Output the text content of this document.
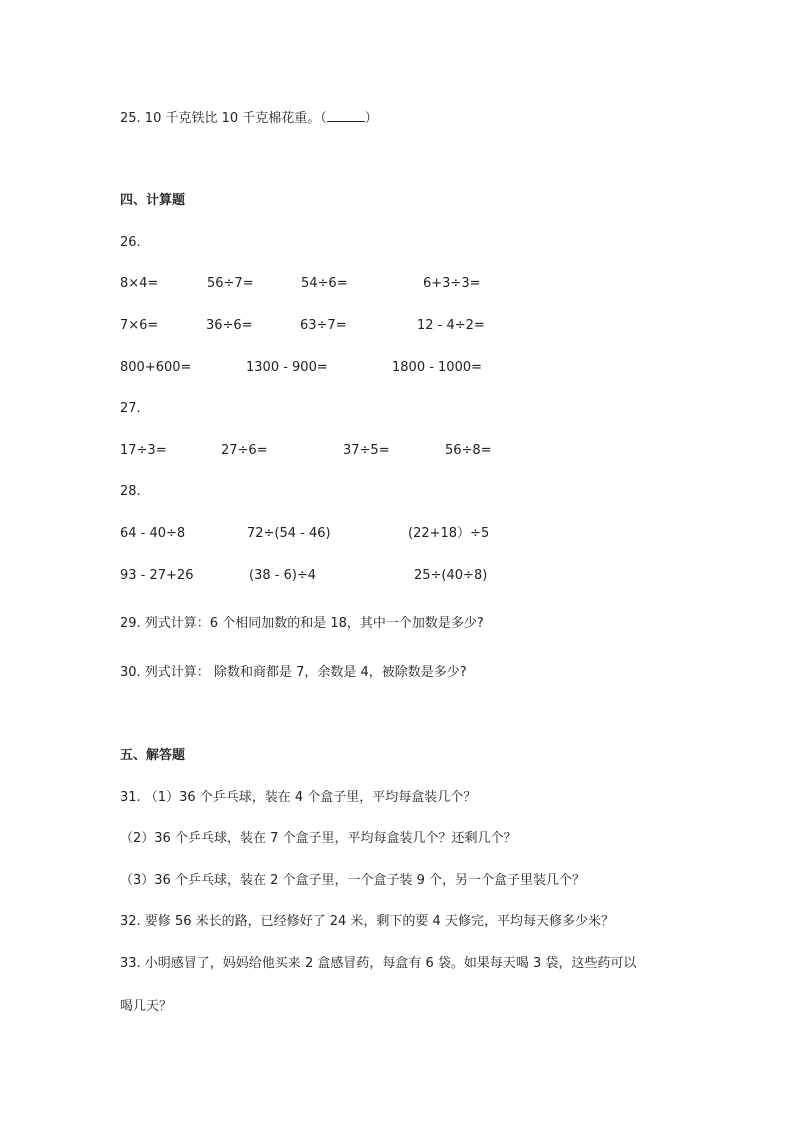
25. 10 千克铁比 10 千克棉花重。（	）
四、计算题
26.
8×4=	56÷7=	54÷6=	6+3÷3=
7×6=	36÷6=	63÷7=	12 - 4÷2=
800+600=	1300 - 900=	1800 - 1000=
27.
17÷3=	27÷6=	37÷5=	56÷8=
28.
64 - 40÷8	72÷(54 - 46)	(22+18）÷5
93 - 27+26	(38 - 6)÷4	25÷(40÷8)
29. 列式计算：6 个相同加数的和是 18，其中一个加数是多少?
30. 列式计算： 除数和商都是 7，余数是 4，被除数是多少?
五、解答题
31. （1）36 个乒乓球，装在 4 个盒子里，平均每盒装几个？
（2）36 个乒乓球，装在 7 个盒子里，平均每盒装几个？还剩几个？
（3）36 个乒乓球，装在 2 个盒子里，一个盒子装 9 个，另一个盒子里装几个？
32. 要修 56 米长的路，已经修好了 24 米，剩下的要 4 天修完，平均每天修多少米？
33. 小明感冒了，妈妈给他买来 2 盒感冒药，每盒有 6 袋。如果每天喝 3 袋，这些药可以
喝几天？
